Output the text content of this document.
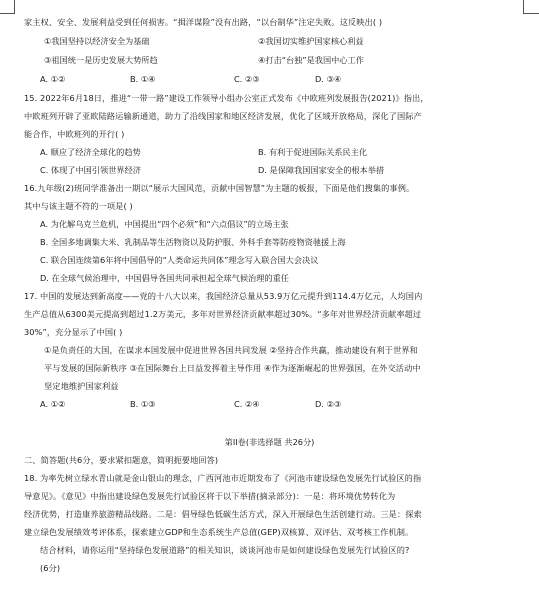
家主权、安全、发展利益受到任何损害。“揖洋谋险”没有出路，“以台制华”注定失败。这反映出( )
①我国坚持以经济安全为基础	②我国切实维护国家核心利益
③祖国统一是历史发展大势所趋	④打击“台独”是我国中心工作
A. ①②	B. ①④	C. ②③	D. ③④
15. 2022年6月18日，推进“一带一路”建设工作领导小组办公室正式发布《中欧班列发展报告(2021)》指出，
中欧班列开辟了亚欧陆路运输新通道，助力了沿线国家和地区经济发展，优化了区域开放格局，深化了国际产
能合作，中欧班列的开行( )
A. 顺应了经济全球化的趋势	B. 有利于促进国际关系民主化
C. 体现了中国引领世界经济	D. 是保障我国国家安全的根本举措
16.九年级(2)班同学准备出一期以“展示大国风范，贡献中国智慧”为主题的板报，下面是他们搜集的事例。
其中与该主题不符的一项是( )
A. 为化解乌克兰危机，中国提出“四个必须”和“六点倡议”的立场主张
B. 全国多地调集大米、乳制品等生活物资以及防护服、外科手套等防疫物资驰援上海
C. 联合国连续第6年将中国倡导的“人类命运共同体”理念写入联合国大会决议
D. 在全球气候治理中，中国倡导各国共同承担起全球气候治理的重任
17. 中国的发展达到新高度——党的十八大以来，我国经济总量从53.9万亿元提升到114.4万亿元，人均国内
生产总值从6300美元提高到超过1.2万美元，多年对世界经济贡献率超过30%。“多年对世界经济贡献率超过
30%”，充分显示了中国( )
①是负责任的大国，在谋求本国发展中促进世界各国共同发展 ②坚持合作共赢，推动建设有利于世界和
平与发展的国际新秩序 ③在国际舞台上日益发挥着主导作用 ④作为逐渐崛起的世界强国，在外交活动中
坚定地维护国家利益
A. ①②	B. ①③	C. ②④	D. ②③
第II卷(非选择题 共26分)
二、简答题(共6分，要求紧扣题意，简明扼要地回答)
18. 为率先树立绿水青山就是金山银山的理念，广西河池市近期发布了《河池市建设绿色发展先行试验区的指
导意见》。《意见》中指出建设绿色发展先行试验区将于以下举措(摘录部分)：一是：将环境优势转化为
经济优势，打造康养旅游精品线路。二是：倡导绿色低碳生活方式，深入开展绿色生活创建行动。三是：探索
建立绿色发展绩效考评体系，探索建立GDP和生态系统生产总值(GEP)双核算、双评估、双考核工作机制。
结合材料，请你运用“坚持绿色发展道路”的相关知识，谈谈河池市是如何建设绿色发展先行试验区的?
(6分)
